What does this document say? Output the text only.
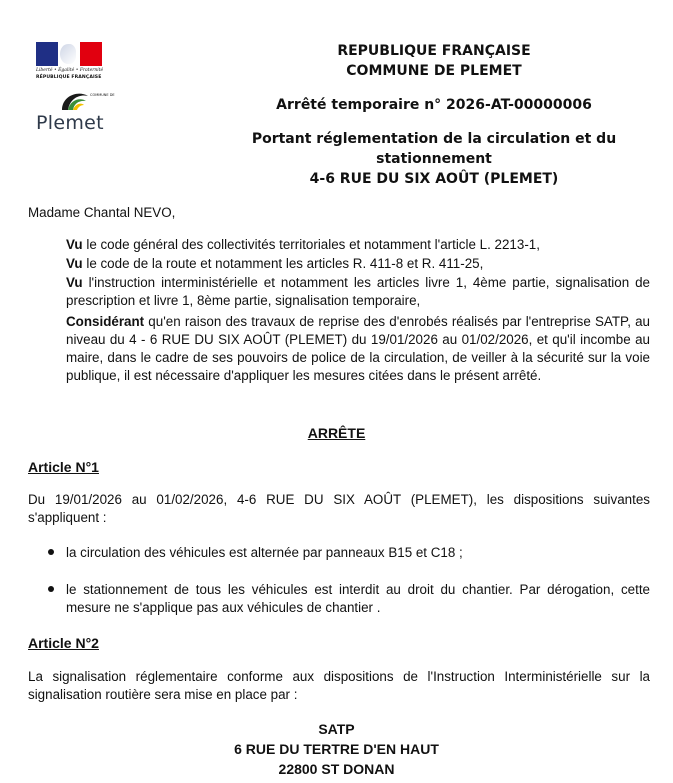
Liberté • Égalité • Fraternité
RÉPUBLIQUE FRANÇAISE
COMMUNE DE
Plemet
REPUBLIQUE FRANÇAISE
COMMUNE DE PLEMET
Arrêté temporaire n° 2026-AT-00000006
Portant réglementation de la circulation et du
stationnement
4-6 RUE DU SIX AOÛT (PLEMET)
Madame Chantal NEVO,
Vu le code général des collectivités territoriales et notamment l'article L. 2213-1,
Vu le code de la route et notamment les articles R. 411-8 et R. 411-25,
Vu l'instruction interministérielle et notamment les articles livre 1, 4ème partie, signalisation de prescription et livre 1, 8ème partie, signalisation temporaire,
Considérant qu'en raison des travaux de reprise des d'enrobés réalisés par l'entreprise SATP, au niveau du 4 - 6 RUE DU SIX AOÛT (PLEMET) du 19/01/2026 au 01/02/2026, et qu'il incombe au maire, dans le cadre de ses pouvoirs de police de la circulation, de veiller à la sécurité sur la voie publique, il est nécessaire d'appliquer les mesures citées dans le présent arrêté.
ARRÊTE
Article N°1
Du 19/01/2026 au 01/02/2026, 4-6 RUE DU SIX AOÛT (PLEMET), les dispositions suivantes s'appliquent :
la circulation des véhicules est alternée par panneaux B15 et C18 ;
le stationnement de tous les véhicules est interdit au droit du chantier. Par dérogation, cette mesure ne s'applique pas aux véhicules de chantier .
Article N°2
La signalisation réglementaire conforme aux dispositions de l'Instruction Interministérielle sur la signalisation routière sera mise en place par :
SATP
6 RUE DU TERTRE D'EN HAUT
22800 ST DONAN
